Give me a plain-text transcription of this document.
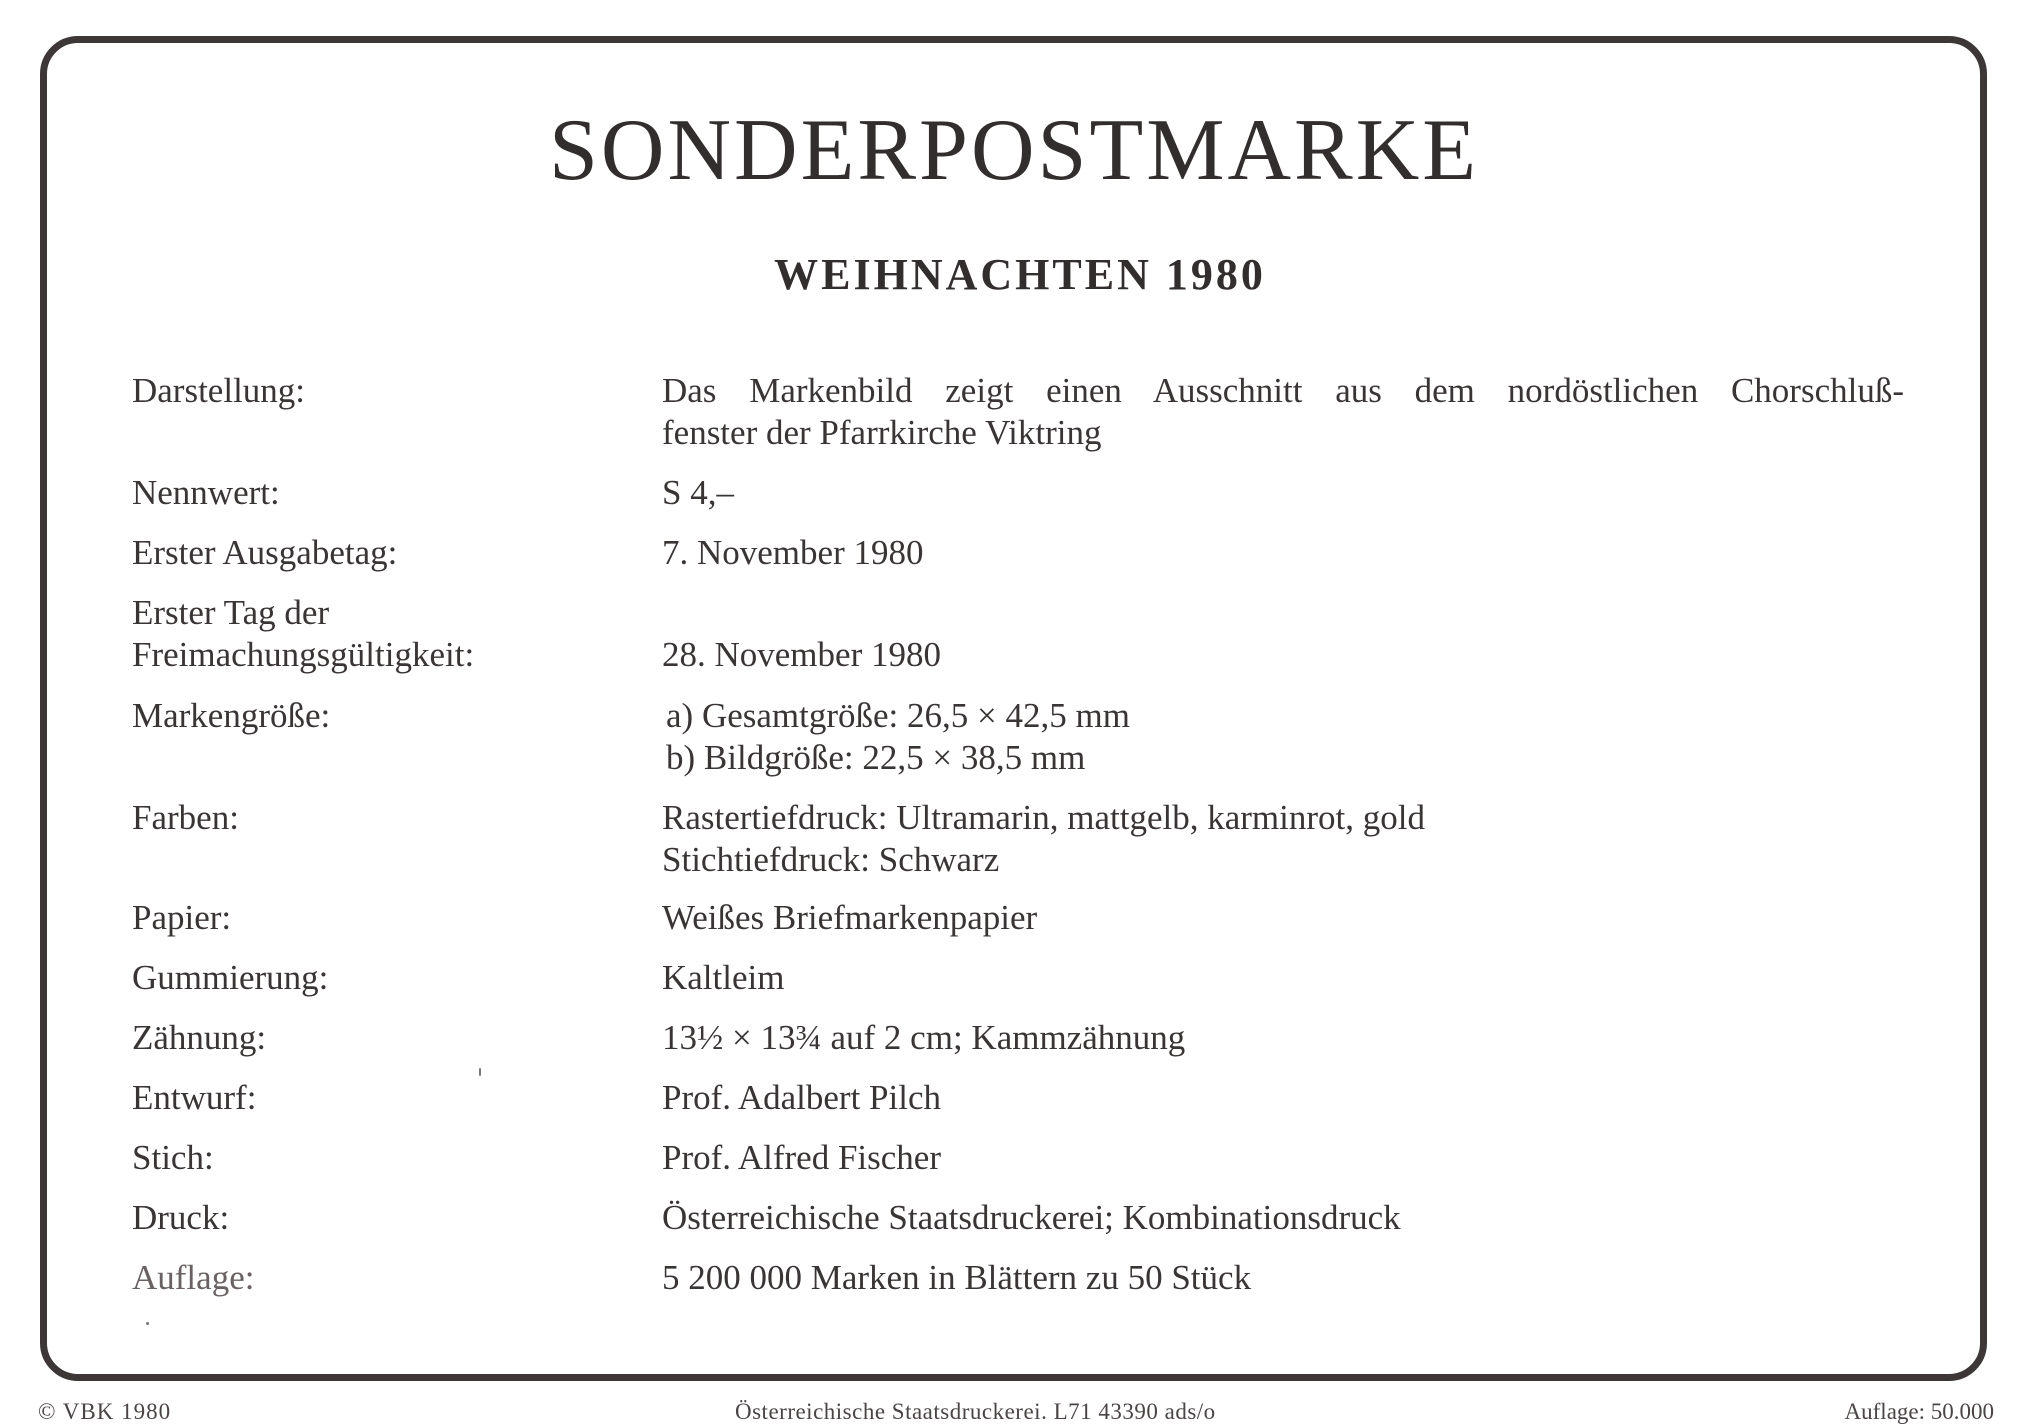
SONDERPOSTMARKE
WEIHNACHTEN 1980
Darstellung:	Das Markenbild zeigt einen Ausschnitt aus dem nordöstlichen Chorschluß-
fenster der Pfarrkirche Viktring
Nennwert:	S 4,–
Erster Ausgabetag:	7. November 1980
Erster Tag der
Freimachungsgültigkeit:	28. November 1980
Markengröße:	a) Gesamtgröße: 26,5 × 42,5 mm
b) Bildgröße: 22,5 × 38,5 mm
Farben:	Rastertiefdruck: Ultramarin, mattgelb, karminrot, gold
Stichtiefdruck: Schwarz
Papier:	Weißes Briefmarkenpapier
Gummierung:	Kaltleim
Zähnung:	13½ × 13¾ auf 2 cm; Kammzähnung
Entwurf:	Prof. Adalbert Pilch
Stich:	Prof. Alfred Fischer
Druck:	Österreichische Staatsdruckerei; Kombinationsdruck
Auflage:	5 200 000 Marken in Blättern zu 50 Stück
© VBK 1980	Österreichische Staatsdruckerei. L71 43390 ads/o	Auflage: 50.000
